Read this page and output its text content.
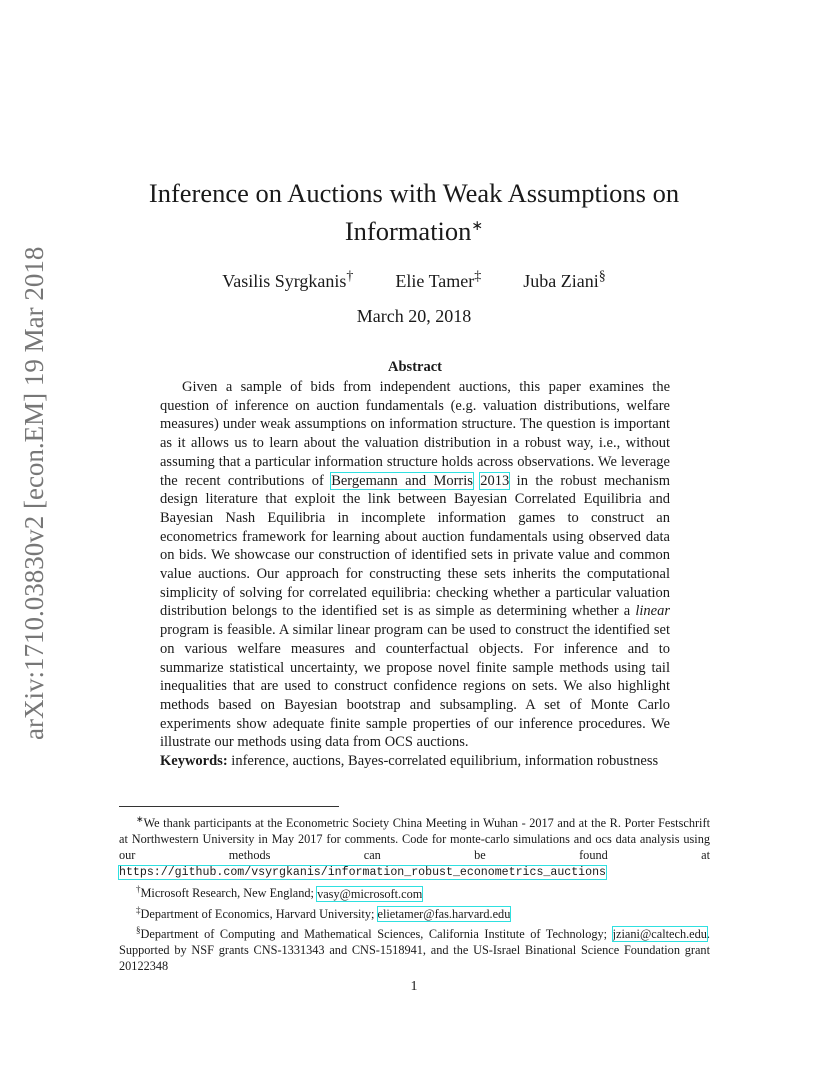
arXiv:1710.03830v2 [econ.EM] 19 Mar 2018
Inference on Auctions with Weak Assumptions on
Information∗
Vasilis Syrgkanis† Elie Tamer‡ Juba Ziani§
March 20, 2018
Abstract
Given a sample of bids from independent auctions, this paper examines the question of inference on auction fundamentals (e.g. valuation distributions, welfare measures) under weak assumptions on information structure. The question is important as it allows us to learn about the valuation distribution in a robust way, i.e., without assuming that a particular information structure holds across observations. We leverage the recent contributions of Bergemann and Morris 2013 in the robust mechanism design literature that exploit the link between Bayesian Correlated Equilibria and Bayesian Nash Equilibria in incomplete information games to construct an econometrics framework for learning about auction fundamentals using observed data on bids. We showcase our construction of identified sets in private value and common value auctions. Our approach for constructing these sets inherits the computational simplicity of solving for correlated equilibria: checking whether a particular valuation distribution belongs to the identified set is as simple as determining whether a linear program is feasible. A similar linear program can be used to construct the identified set on various welfare measures and counterfactual objects. For inference and to summarize statistical uncertainty, we propose novel finite sample methods using tail inequalities that are used to construct confidence regions on sets. We also highlight methods based on Bayesian bootstrap and subsampling. A set of Monte Carlo experiments show adequate finite sample properties of our inference procedures. We illustrate our methods using data from OCS auctions.
Keywords: inference, auctions, Bayes-correlated equilibrium, information robustness

∗We thank participants at the Econometric Society China Meeting in Wuhan - 2017 and at the R. Porter Festschrift at Northwestern University in May 2017 for comments. Code for monte-carlo simulations and ocs data analysis using our methods can be found at https://github.com/vsyrgkanis/information_robust_econometrics_auctions

†Microsoft Research, New England; vasy@microsoft.com

‡Department of Economics, Harvard University; elietamer@fas.harvard.edu

§Department of Computing and Mathematical Sciences, California Institute of Technology; jziani@caltech.edu. Supported by NSF grants CNS-1331343 and CNS-1518941, and the US-Israel Binational Science Foundation grant 20122348

1
